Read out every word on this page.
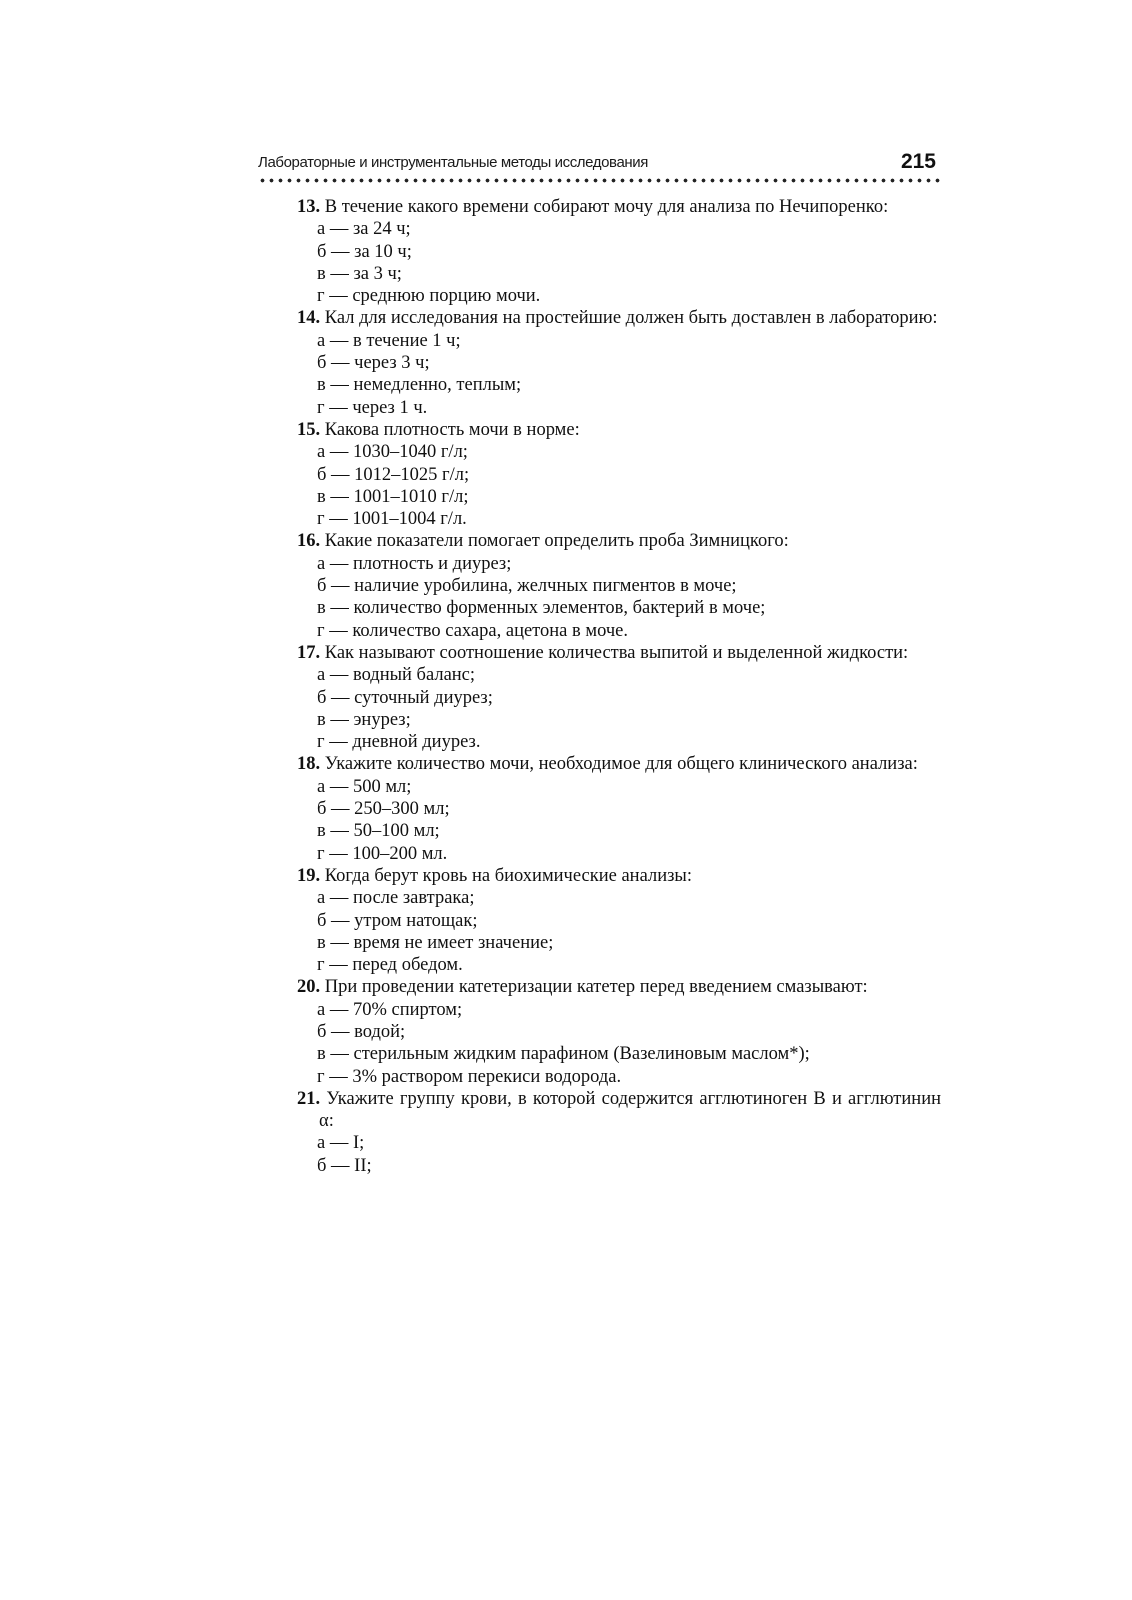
Лабораторные и инструментальные методы исследования	215
13. В течение какого времени собирают мочу для анализа по Нечипоренко:
а — за 24 ч;
б — за 10 ч;
в — за 3 ч;
г — среднюю порцию мочи.
14. Кал для исследования на простейшие должен быть доставлен в лабораторию:
а — в течение 1 ч;
б — через 3 ч;
в — немедленно, теплым;
г — через 1 ч.
15. Какова плотность мочи в норме:
а — 1030–1040 г/л;
б — 1012–1025 г/л;
в — 1001–1010 г/л;
г — 1001–1004 г/л.
16. Какие показатели помогает определить проба Зимницкого:
а — плотность и диурез;
б — наличие уробилина, желчных пигментов в моче;
в — количество форменных элементов, бактерий в моче;
г — количество сахара, ацетона в моче.
17. Как называют соотношение количества выпитой и выделенной жидкости:
а — водный баланс;
б — суточный диурез;
в — энурез;
г — дневной диурез.
18. Укажите количество мочи, необходимое для общего клинического анализа:
а — 500 мл;
б — 250–300 мл;
в — 50–100 мл;
г — 100–200 мл.
19. Когда берут кровь на биохимические анализы:
а — после завтрака;
б — утром натощак;
в — время не имеет значение;
г — перед обедом.
20. При проведении катетеризации катетер перед введением смазывают:
а — 70% спиртом;
б — водой;
в — стерильным жидким парафином (Вазелиновым маслом*);
г — 3% раствором перекиси водорода.
21. Укажите группу крови, в которой содержится агглютиноген B и агглютинин α:
а — I;
б — II;
